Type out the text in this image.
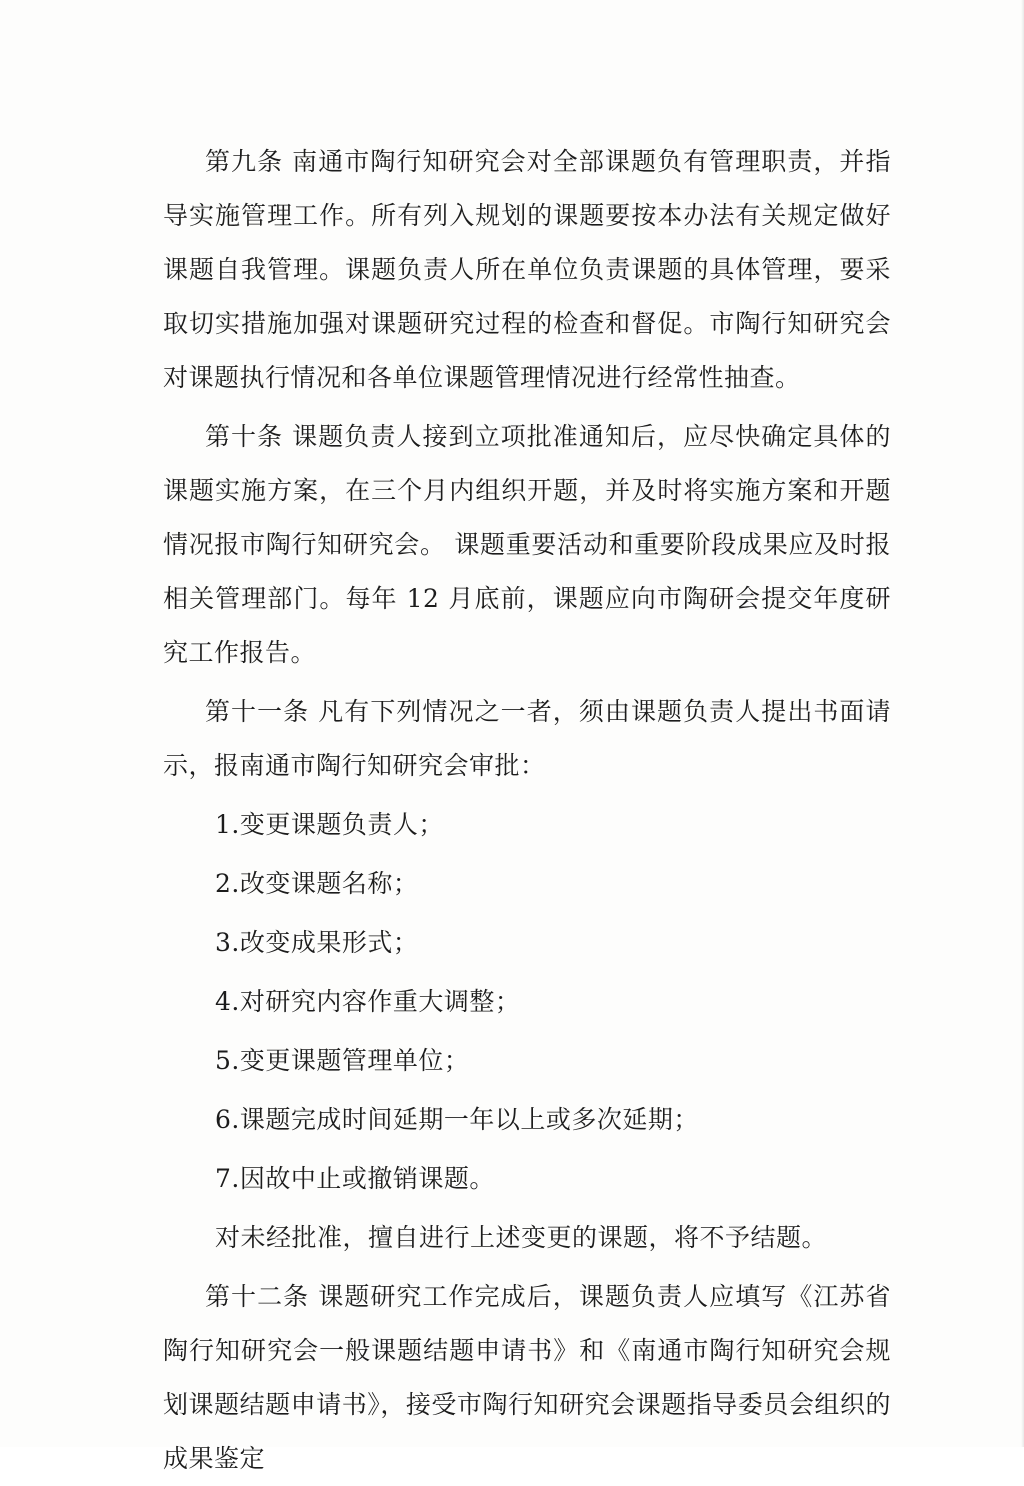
第九条 南通市陶行知研究会对全部课题负有管理职责，并指导实施管理工作。所有列入规划的课题要按本办法有关规定做好课题自我管理。课题负责人所在单位负责课题的具体管理，要采取切实措施加强对课题研究过程的检查和督促。市陶行知研究会对课题执行情况和各单位课题管理情况进行经常性抽查。

第十条 课题负责人接到立项批准通知后，应尽快确定具体的课题实施方案，在三个月内组织开题，并及时将实施方案和开题情况报市陶行知研究会。 课题重要活动和重要阶段成果应及时报相关管理部门。每年 12 月底前，课题应向市陶研会提交年度研究工作报告。

第十一条 凡有下列情况之一者，须由课题负责人提出书面请示，报南通市陶行知研究会审批：

1.变更课题负责人；

2.改变课题名称；

3.改变成果形式；

4.对研究内容作重大调整；

5.变更课题管理单位；

6.课题完成时间延期一年以上或多次延期；

7.因故中止或撤销课题。

对未经批准，擅自进行上述变更的课题，将不予结题。

第十二条 课题研究工作完成后，课题负责人应填写《江苏省陶行知研究会一般课题结题申请书》和《南通市陶行知研究会规划课题结题申请书》，接受市陶行知研究会课题指导委员会组织的成果鉴定
